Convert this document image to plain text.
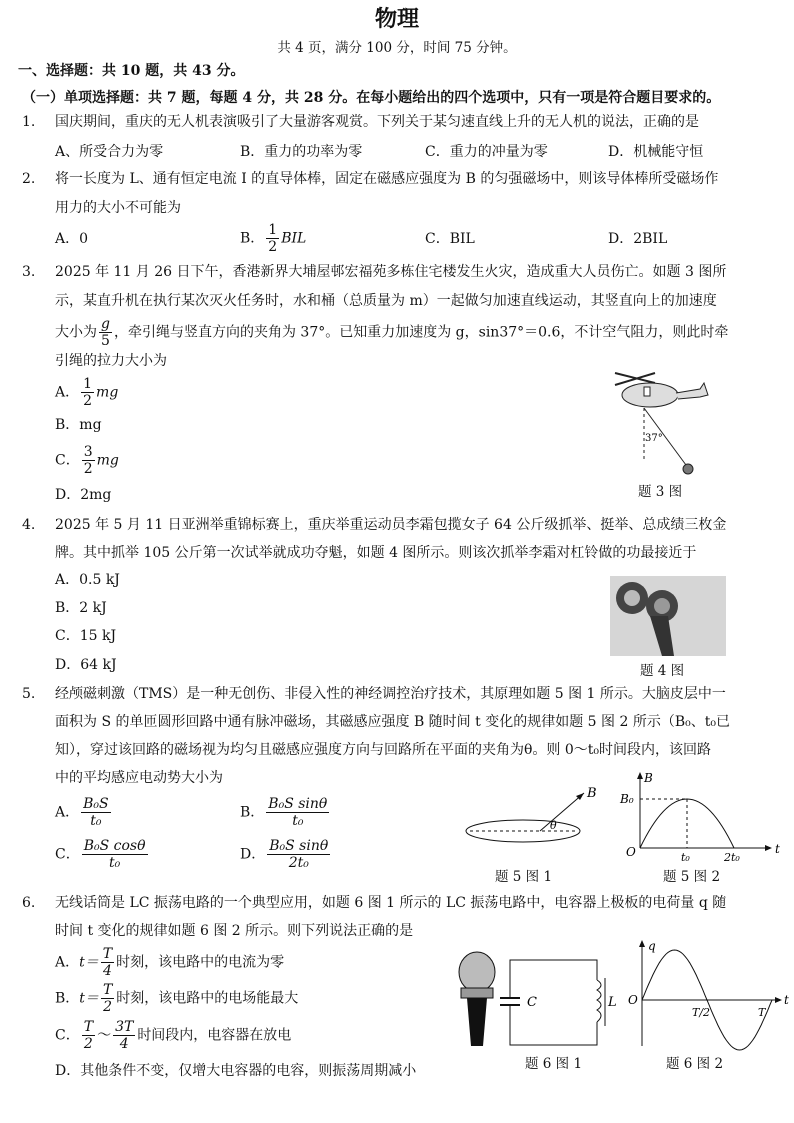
物理
共 4 页，满分 100 分，时间 75 分钟。
一、选择题：共 10 题，共 43 分。
（一）单项选择题：共 7 题，每题 4 分，共 28 分。在每小题给出的四个选项中，只有一项是符合题目要求的。
1. 国庆期间，重庆的无人机表演吸引了大量游客观赏。下列关于某匀速直线上升的无人机的说法，正确的是
A、所受合力为零	B．重力的功率为零	C．重力的冲量为零	D．机械能守恒
2. 将一长度为 L、通有恒定电流 I 的直导体棒，固定在磁感应强度为 B 的匀强磁场中，则该导体棒所受磁场作
用力的大小不可能为
A．0	B． $\frac{1}{2}$ BIL	C．BIL	D．2BIL
3. 2025 年 11 月 26 日下午，香港新界大埔屋邨宏福苑多栋住宅楼发生火灾，造成重大人员伤亡。如题 3 图所
示，某直升机在执行某次灭火任务时，水和桶（总质量为 m）一起做匀加速直线运动，其竖直向上的加速度
大小为 $\frac{g}{5}$ ，牵引绳与竖直方向的夹角为 37°。已知重力加速度为 g，sin37°＝0.6，不计空气阻力，则此时牵
引绳的拉力大小为
A． $\frac{1}{2}$ mg
B．mg
C． $\frac{3}{2}$ mg
D．2mg
37°
题 3 图
4. 2025 年 5 月 11 日亚洲举重锦标赛上，重庆举重运动员李霜包揽女子 64 公斤级抓举、挺举、总成绩三枚金
牌。其中抓举 105 公斤第一次试举就成功夺魁，如题 4 图所示。则该次抓举李霜对杠铃做的功最接近于
A．0.5 kJ
B．2 kJ
C．15 kJ
D．64 kJ	题 4 图
5. 经颅磁刺激（TMS）是一种无创伤、非侵入性的神经调控治疗技术，其原理如题 5 图 1 所示。大脑皮层中一
面积为 S 的单匝圆形回路中通有脉冲磁场，其磁感应强度 B 随时间 t 变化的规律如题 5 图 2 所示（B₀、t₀已
知），穿过该回路的磁场视为均匀且磁感应强度方向与回路所在平面的夹角为θ。则 0～t₀时间段内，该回路
中的平均感应电动势大小为
A． $\frac{\text{B₀S}}{\text{t₀}}$	B． $\frac{\text{B₀S sinθ}}{\text{t₀}}$
C． $\frac{\text{B₀S cosθ}}{\text{t₀}}$	D． $\frac{\text{B₀S sinθ}}{\text{2t₀}}$
B
θ
题 5 图 1
B
t
B₀
O	t₀	2t₀
题 5 图 2
6. 无线话筒是 LC 振荡电路的一个典型应用，如题 6 图 1 所示的 LC 振荡电路中，电容器上极板的电荷量 q 随
时间 t 变化的规律如题 6 图 2 所示。则下列说法正确的是
A．$t= \frac{T}{4}$ 时刻，该电路中的电流为零
B．$t= \frac{T}{2}$ 时刻，该电路中的电场能最大
C． $\frac{T}{2}$ ～ $\frac{3T}{4}$ 时间段内，电容器在放电
D．其他条件不变，仅增大电容器的电容，则振荡周期减小
C	L
题 6 图 1
q
t
O
T/2	T
题 6 图 2
